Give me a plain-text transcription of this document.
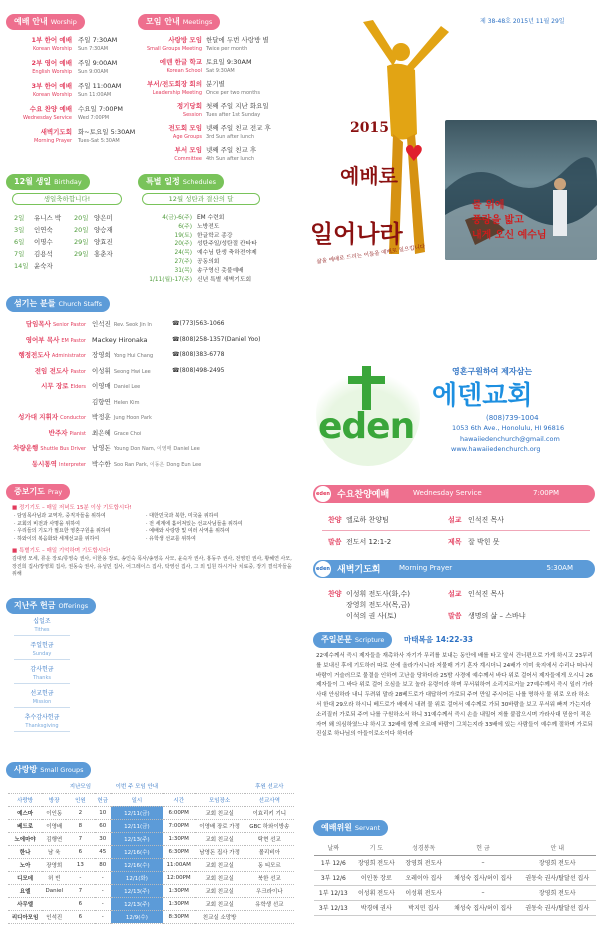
제 38-48호 2015년 11월 29일
예배 안내 Worship
1부 한어 예배
Korean Worship
주일 7:30AM
Sun 7:30AM
2부 영어 예배
English Worship
주일 9:00AM
Sun 9:00AM
3부 한어 예배
Korean Worship
주일 11:00AM
Sun 11:00AM
수요 찬양 예배
Wednesday Service
수요일 7:00PM
Wed 7:00PM
새벽기도회
Morning Prayer
화~토요일 5:30AM
Tues-Sat 5:30AM
모임 안내 Meetings
사랑방 모임
Small Groups Meeting
한달에 두번 사랑방 별
Twice per month
에덴 한글 학교
Korean School
토요일 9:30AM
Sat 9:30AM
부서/전도회장 회의
Leadership Meeting
분기별
Once per two months
정기당회
Session
첫째 주일 지난 화요일
Tues after 1st Sunday
전도회 모임
Age Groups
넷째 주일 친교 전교 후
3rd Sun after lunch
부서 모임
Committee
넷째 주일 친교 후
4th Sun after lunch
12월 생일 Birthday
생일축하합니다!
2일 유니스 박 20일 양은미
3일 인연숙	20일 양승재
6일 이명수	29일 양효진
7일 김용석	29일 홍춘자
14일 윤숙자
특별 일정 Schedules
12월 성탄과 결산의 달
4(금)-6(주) EM 수련회
6(주) 노방전도
19(토) 한글학교 종강
20(주) 성탄주일/성탄절 칸타타
24(목) 예수님 탄생 축하전야제
27(주) 공동의회
31(목) 송구영신 촛불예배
1/11(월)-17(주) 신년 특별 새벽기도회
2015
예배로
♥
일어나라
삶을 예배로 드리는 이들을 예배로 일으킵니다
물 위에
풍랑을 밟고
내게 오신 예수님
섬기는 분들 Church Staffs
담임목사 Senior Pastor 인석진 Rev. Seok Jin In	☎(773)563-1066
영어부 목사 EM Pastor Mackey Hironaka	☎(808)258-1357(Daniel Yoo)
행정전도사 Administrator 장영희 Yong Hui Chang	☎(808)383-6778
전임 전도사 Pastor 이성휘 Seong Hwi Lee	☎(808)498-2495
시무 장로 Elders 이영매 Daniel Lee
김향연 Helen Kim
성가대 지휘자 Conductor 박정훈 Jung Hoon Park
반주자 Pianist 최은혜 Grace Choi
차량운행 Shuttle Bus Driver 남영돈 Young Don Nam, 이영매 Daniel Lee
동시통역 Interpreter 박수한 Soo Ran Park, 이동은 Dong Eun Lee
eden
영혼구원하여 제자삼는
에덴교회
(808)739-1004
1053 6th Ave., Honolulu, HI 96816
hawaiiedenchurch@gmail.com
www.hawaiiedenchurch.org
중보기도 Pray
■ 정기기도 – 매일 저녁도 15분 이상 기도합시다!
· 담임목사님과 교역자, 중직자들을 위하여	· 대한민국과 북한, 미국을 위하여
· 교회의 비전과 사명을 위하여	· 전 세계에 흩어져있는 선교사님들을 위하여
· 우리들의 기도가 필요한 영혼구원을 위하여	· 예배와 사랑방 및 여러 사역을 위하여
· 하와이의 복음화와 세계선교를 위하여	· 유학생 선교를 위하여
■ 특별기도 – 매일 기억하며 기도합시다!
김대영 모세, 류운 장로/류영숙 권사, 이한용 장로, 송인숙 목사/송영옥 사모, 윤숙자 권사, 홍동주 권사, 전영민 권사, 황혜연 사모, 장진희 집사/장영희 집사, 권동숙 권사, 유성민 집사, 어그레이스 집사, 탁영선 집사, 그 외 입원 하시거나 치료중, 장기 결석자들을 위해
지난주 헌금 Offerings
십일조
Tithes
주일헌금
Sunday
감사헌금
Thanks
선교헌금
Mission
추수감사헌금
Thanksgiving
사랑방 Small Groups
		지난모임		이번 주 모임 안내			후원 선교사
사랑방	방장	인원	헌금	일시	시간	모임장소	선교사역
예스마	이인동	2	10	12/11(금)	6:00PM	교회 친교실	이효리키 기니
베드로	이영배	8	60	12/11(금)	7:00PM	이영배 장로 가정	GBC 하와이방송
노에마야	김행연	7	30	12/13(주)	1:30PM	교회 친교실	탁현 선교
한나	남 욱	6	45	12/16(수)	6:30PM	남영돈 집사 가정	볼리비아
노아	장영희	13	80	12/16(수)	11:00AM	교회 친교실	동 티모르
디모데	허 빈	-	-	12/1(화)	12:00PM	교회 친교실	북한 선교
요엘	Daniel	7	-	12/13(주)	1:30PM	교회 친교실	우크라이나
사무엘		6	-	12/13(주)	1:30PM	교회 친교실	유학생 선교
리디아모임	인석진	6	-	12/9(수)	8:30PM	친교실 소망방	
eden 수요찬양예배	Wednesday Service	7:00PM
찬양 엘로하 찬양팀	설교 인석진 목사
말씀 전도서 12:1-2	제목 잘 박힌 못
eden 새벽기도회	Morning Prayer	5:30AM
찬양 이성휘 전도사(화,수)
장영희 전도사(목,금)
이석의 권 사(토)
설교 인석진 목사
말씀 생명의 삶 – 스바냐
주일본문 Scripture	마태복음 14:22-33
22예수께서 즉시 제자들을 재촉하사 자기가 무리를 보내는 동안에 배를 타고 앞서 건너편으로 가게 하시고 23무리를 보내신 후에 기도하러 따로 산에 올라가시니라 저물매 거기 혼자 계시더니 24배가 이미 육지에서 수리나 떠나서 바람이 거슬러므로 물결을 인하여 고난을 당하더라 25밤 사경에 예수께서 바다 위로 걸어서 제자들에게 오시니 26제자들이 그 바다 위로 걸어 오심을 보고 놀라 유령이라 하며 무서워하여 소리지르거늘 27예수께서 즉시 일러 가라사대 안심하라 내니 두려워 말라 28베드로가 대답하여 가로되 주여 만일 주시어든 나를 명하사 물 위로 오라 하소서 한대 29오라 하시니 베드로가 배에서 내려 물 위로 걸어서 예수께로 가되 30바람을 보고 무서워 빠져 가는지라 소리질러 가로되 주여 나를 구원하소서 하니 31예수께서 즉시 손을 내밀어 저를 붙잡으시며 가라사대 믿음이 적은 자여 왜 의심하였느냐 하시고 32배에 함께 오르매 바람이 그치는지라 33배에 있는 사람들이 예수께 절하며 가로되 진실로 하나님의 아들이로소이다 하더라
예배위원 Servant
날짜	기 도	성경봉독	헌 금	안 내
1부 12/6	장영희 전도사	장영희 전도사	–	장영희 전도사
3부 12/6	이인동 장로	오레이아 집사	채성숙 집사/허이 집사	권동숙 권사/탈달선 집사
1부 12/13	이성휘 전도사	이성휘 전도사	–	장영희 전도사
3부 12/13	박경애 권사	박지민 집사	채성숙 집사/허이 집사	권동숙 권사/탈달선 집사
